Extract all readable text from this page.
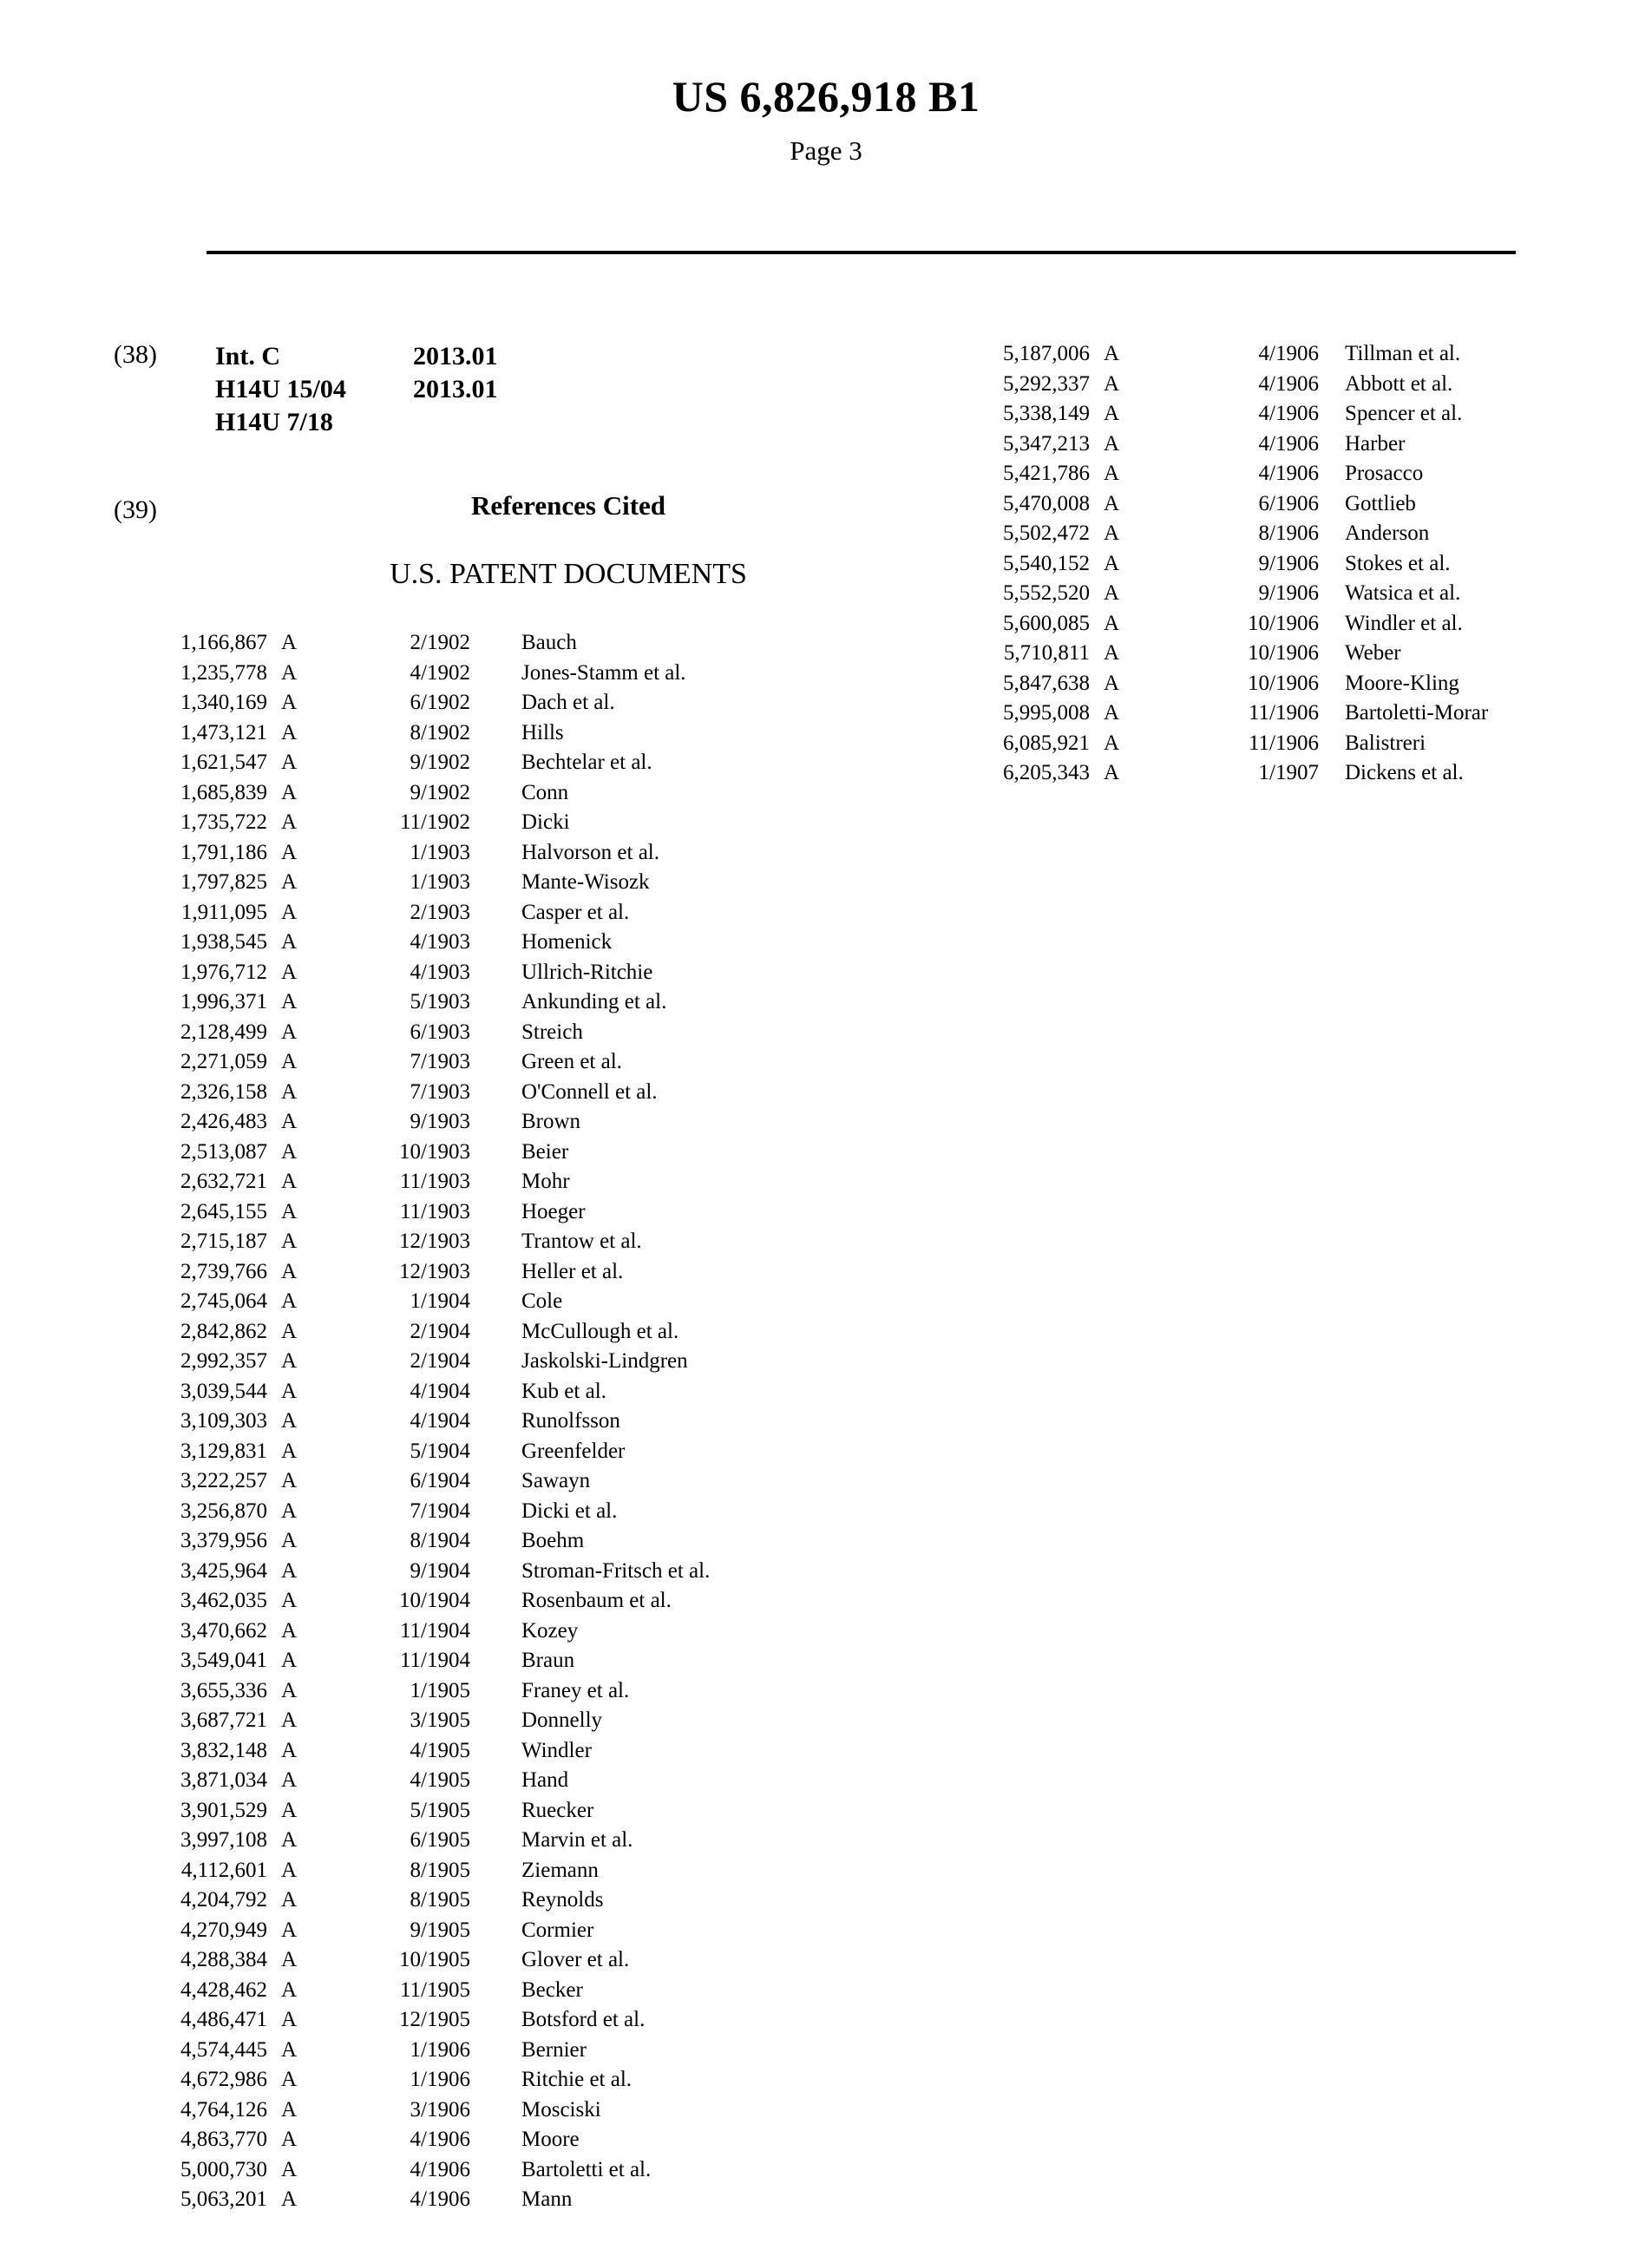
US 6,826,918 B1
Page 3
(38) Int. C	2013.01
H14U 15/04	2013.01
H14U 7/18
(39)	References Cited
U.S. PATENT DOCUMENTS
1,166,867 A	2/1902 Bauch
1,235,778 A	4/1902 Jones-Stamm et al.
1,340,169 A	6/1902 Dach et al.
1,473,121 A	8/1902 Hills
1,621,547 A	9/1902 Bechtelar et al.
1,685,839 A	9/1902 Conn
1,735,722 A	11/1902 Dicki
1,791,186 A	1/1903 Halvorson et al.
1,797,825 A	1/1903 Mante-Wisozk
1,911,095 A	2/1903 Casper et al.
1,938,545 A	4/1903 Homenick
1,976,712 A	4/1903 Ullrich-Ritchie
1,996,371 A	5/1903 Ankunding et al.
2,128,499 A	6/1903 Streich
2,271,059 A	7/1903 Green et al.
2,326,158 A	7/1903 O'Connell et al.
2,426,483 A	9/1903 Brown
2,513,087 A	10/1903 Beier
2,632,721 A	11/1903 Mohr
2,645,155 A	11/1903 Hoeger
2,715,187 A	12/1903 Trantow et al.
2,739,766 A	12/1903 Heller et al.
2,745,064 A	1/1904 Cole
2,842,862 A	2/1904 McCullough et al.
2,992,357 A	2/1904 Jaskolski-Lindgren
3,039,544 A	4/1904 Kub et al.
3,109,303 A	4/1904 Runolfsson
3,129,831 A	5/1904 Greenfelder
3,222,257 A	6/1904 Sawayn
3,256,870 A	7/1904 Dicki et al.
3,379,956 A	8/1904 Boehm
3,425,964 A	9/1904 Stroman-Fritsch et al.
3,462,035 A	10/1904 Rosenbaum et al.
3,470,662 A	11/1904 Kozey
3,549,041 A	11/1904 Braun
3,655,336 A	1/1905 Franey et al.
3,687,721 A	3/1905 Donnelly
3,832,148 A	4/1905 Windler
3,871,034 A	4/1905 Hand
3,901,529 A	5/1905 Ruecker
3,997,108 A	6/1905 Marvin et al.
4,112,601 A	8/1905 Ziemann
4,204,792 A	8/1905 Reynolds
4,270,949 A	9/1905 Cormier
4,288,384 A	10/1905 Glover et al.
4,428,462 A	11/1905 Becker
4,486,471 A	12/1905 Botsford et al.
4,574,445 A	1/1906 Bernier
4,672,986 A	1/1906 Ritchie et al.
4,764,126 A	3/1906 Mosciski
4,863,770 A	4/1906 Moore
5,000,730 A	4/1906 Bartoletti et al.
5,063,201 A	4/1906 Mann
5,187,006 A	4/1906 Tillman et al.
5,292,337 A	4/1906 Abbott et al.
5,338,149 A	4/1906 Spencer et al.
5,347,213 A	4/1906 Harber
5,421,786 A	4/1906 Prosacco
5,470,008 A	6/1906 Gottlieb
5,502,472 A	8/1906 Anderson
5,540,152 A	9/1906 Stokes et al.
5,552,520 A	9/1906 Watsica et al.
5,600,085 A	10/1906 Windler et al.
5,710,811 A	10/1906 Weber
5,847,638 A	10/1906 Moore-Kling
5,995,008 A	11/1906 Bartoletti-Morar
6,085,921 A	11/1906 Balistreri
6,205,343 A	1/1907 Dickens et al.
